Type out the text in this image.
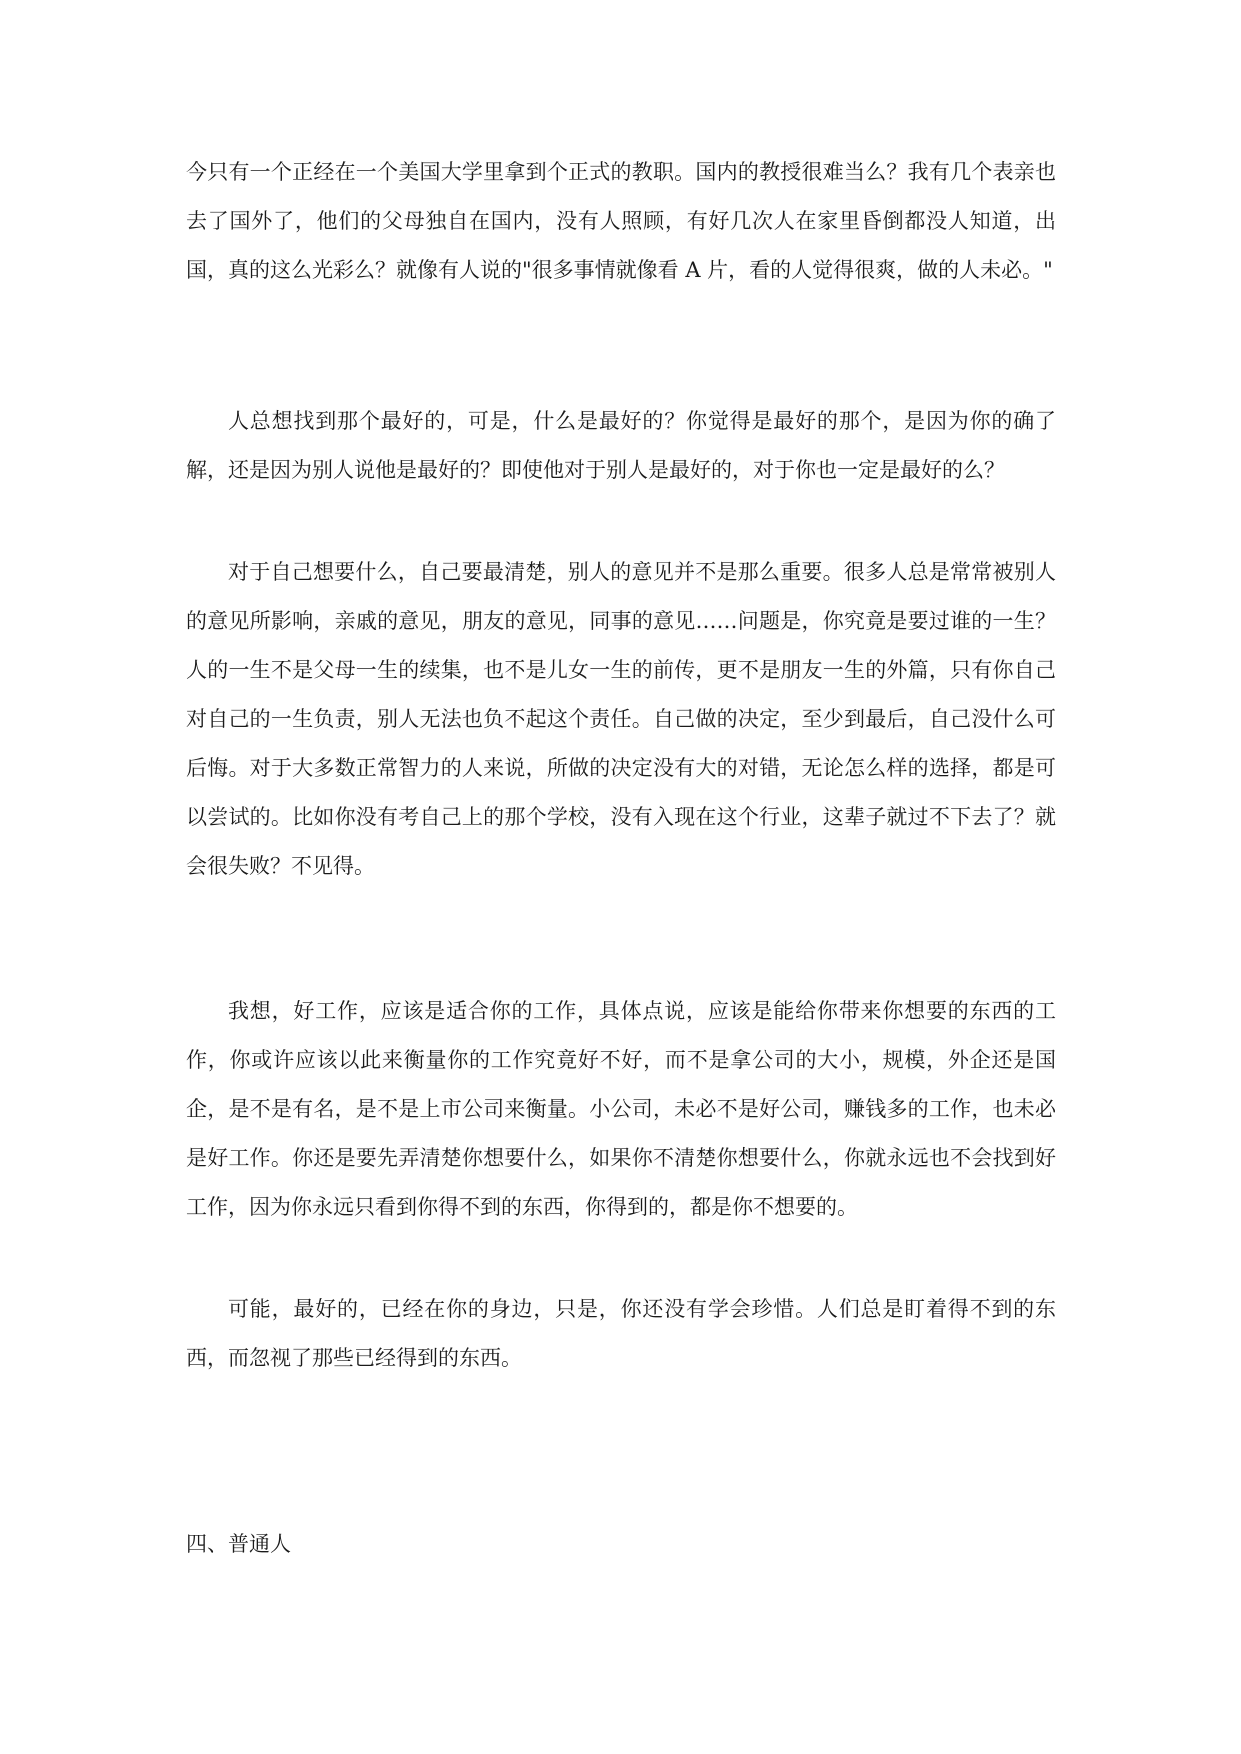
今只有一个正经在一个美国大学里拿到个正式的教职。国内的教授很难当么？我有几个表亲也去了国外了，他们的父母独自在国内，没有人照顾，有好几次人在家里昏倒都没人知道，出国，真的这么光彩么？就像有人说的"很多事情就像看 A 片，看的人觉得很爽，做的人未必。"

人总想找到那个最好的，可是，什么是最好的？你觉得是最好的那个，是因为你的确了解，还是因为别人说他是最好的？即使他对于别人是最好的，对于你也一定是最好的么？

对于自己想要什么，自己要最清楚，别人的意见并不是那么重要。很多人总是常常被别人的意见所影响，亲戚的意见，朋友的意见，同事的意见……问题是，你究竟是要过谁的一生？人的一生不是父母一生的续集，也不是儿女一生的前传，更不是朋友一生的外篇，只有你自己对自己的一生负责，别人无法也负不起这个责任。自己做的决定，至少到最后，自己没什么可后悔。对于大多数正常智力的人来说，所做的决定没有大的对错，无论怎么样的选择，都是可以尝试的。比如你没有考自己上的那个学校，没有入现在这个行业，这辈子就过不下去了？就会很失败？不见得。

我想，好工作，应该是适合你的工作，具体点说，应该是能给你带来你想要的东西的工作，你或许应该以此来衡量你的工作究竟好不好，而不是拿公司的大小，规模，外企还是国企，是不是有名，是不是上市公司来衡量。小公司，未必不是好公司，赚钱多的工作，也未必是好工作。你还是要先弄清楚你想要什么，如果你不清楚你想要什么，你就永远也不会找到好工作，因为你永远只看到你得不到的东西，你得到的，都是你不想要的。

可能，最好的，已经在你的身边，只是，你还没有学会珍惜。人们总是盯着得不到的东西，而忽视了那些已经得到的东西。

四、普通人
